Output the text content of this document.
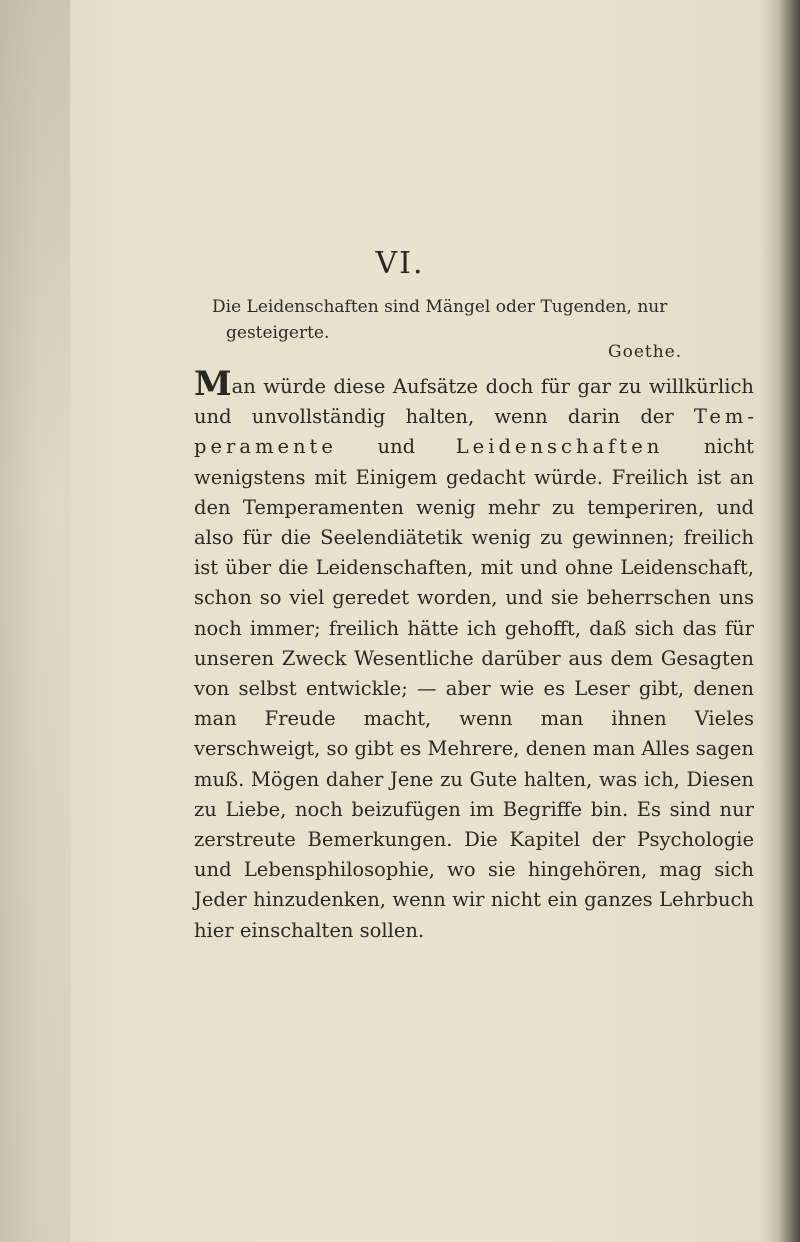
VI.
Die Leidenschaften sind Mängel oder Tugenden, nur
gesteigerte.
Goethe.
Man würde diese Aufsätze doch für gar zu willkürlich und unvollständig halten, wenn darin der Temperamente und Leidenschaften nicht wenigstens mit Einigem gedacht würde. Freilich ist an den Temperamenten wenig mehr zu temperiren, und also für die Seelendiätetik wenig zu gewinnen; freilich ist über die Leidenschaften, mit und ohne Leidenschaft, schon so viel geredet worden, und sie beherrschen uns noch immer; freilich hätte ich gehofft, daß sich das für unseren Zweck Wesentliche darüber aus dem Gesagten von selbst entwickle; — aber wie es Leser gibt, denen man Freude macht, wenn man ihnen Vieles verschweigt, so gibt es Mehrere, denen man Alles sagen muß. Mögen daher Jene zu Gute halten, was ich, Diesen zu Liebe, noch beizufügen im Begriffe bin. Es sind nur zerstreute Bemerkungen. Die Kapitel der Psychologie und Lebensphilosophie, wo sie hingehören, mag sich Jeder hinzudenken, wenn wir nicht ein ganzes Lehrbuch hier einschalten sollen.
